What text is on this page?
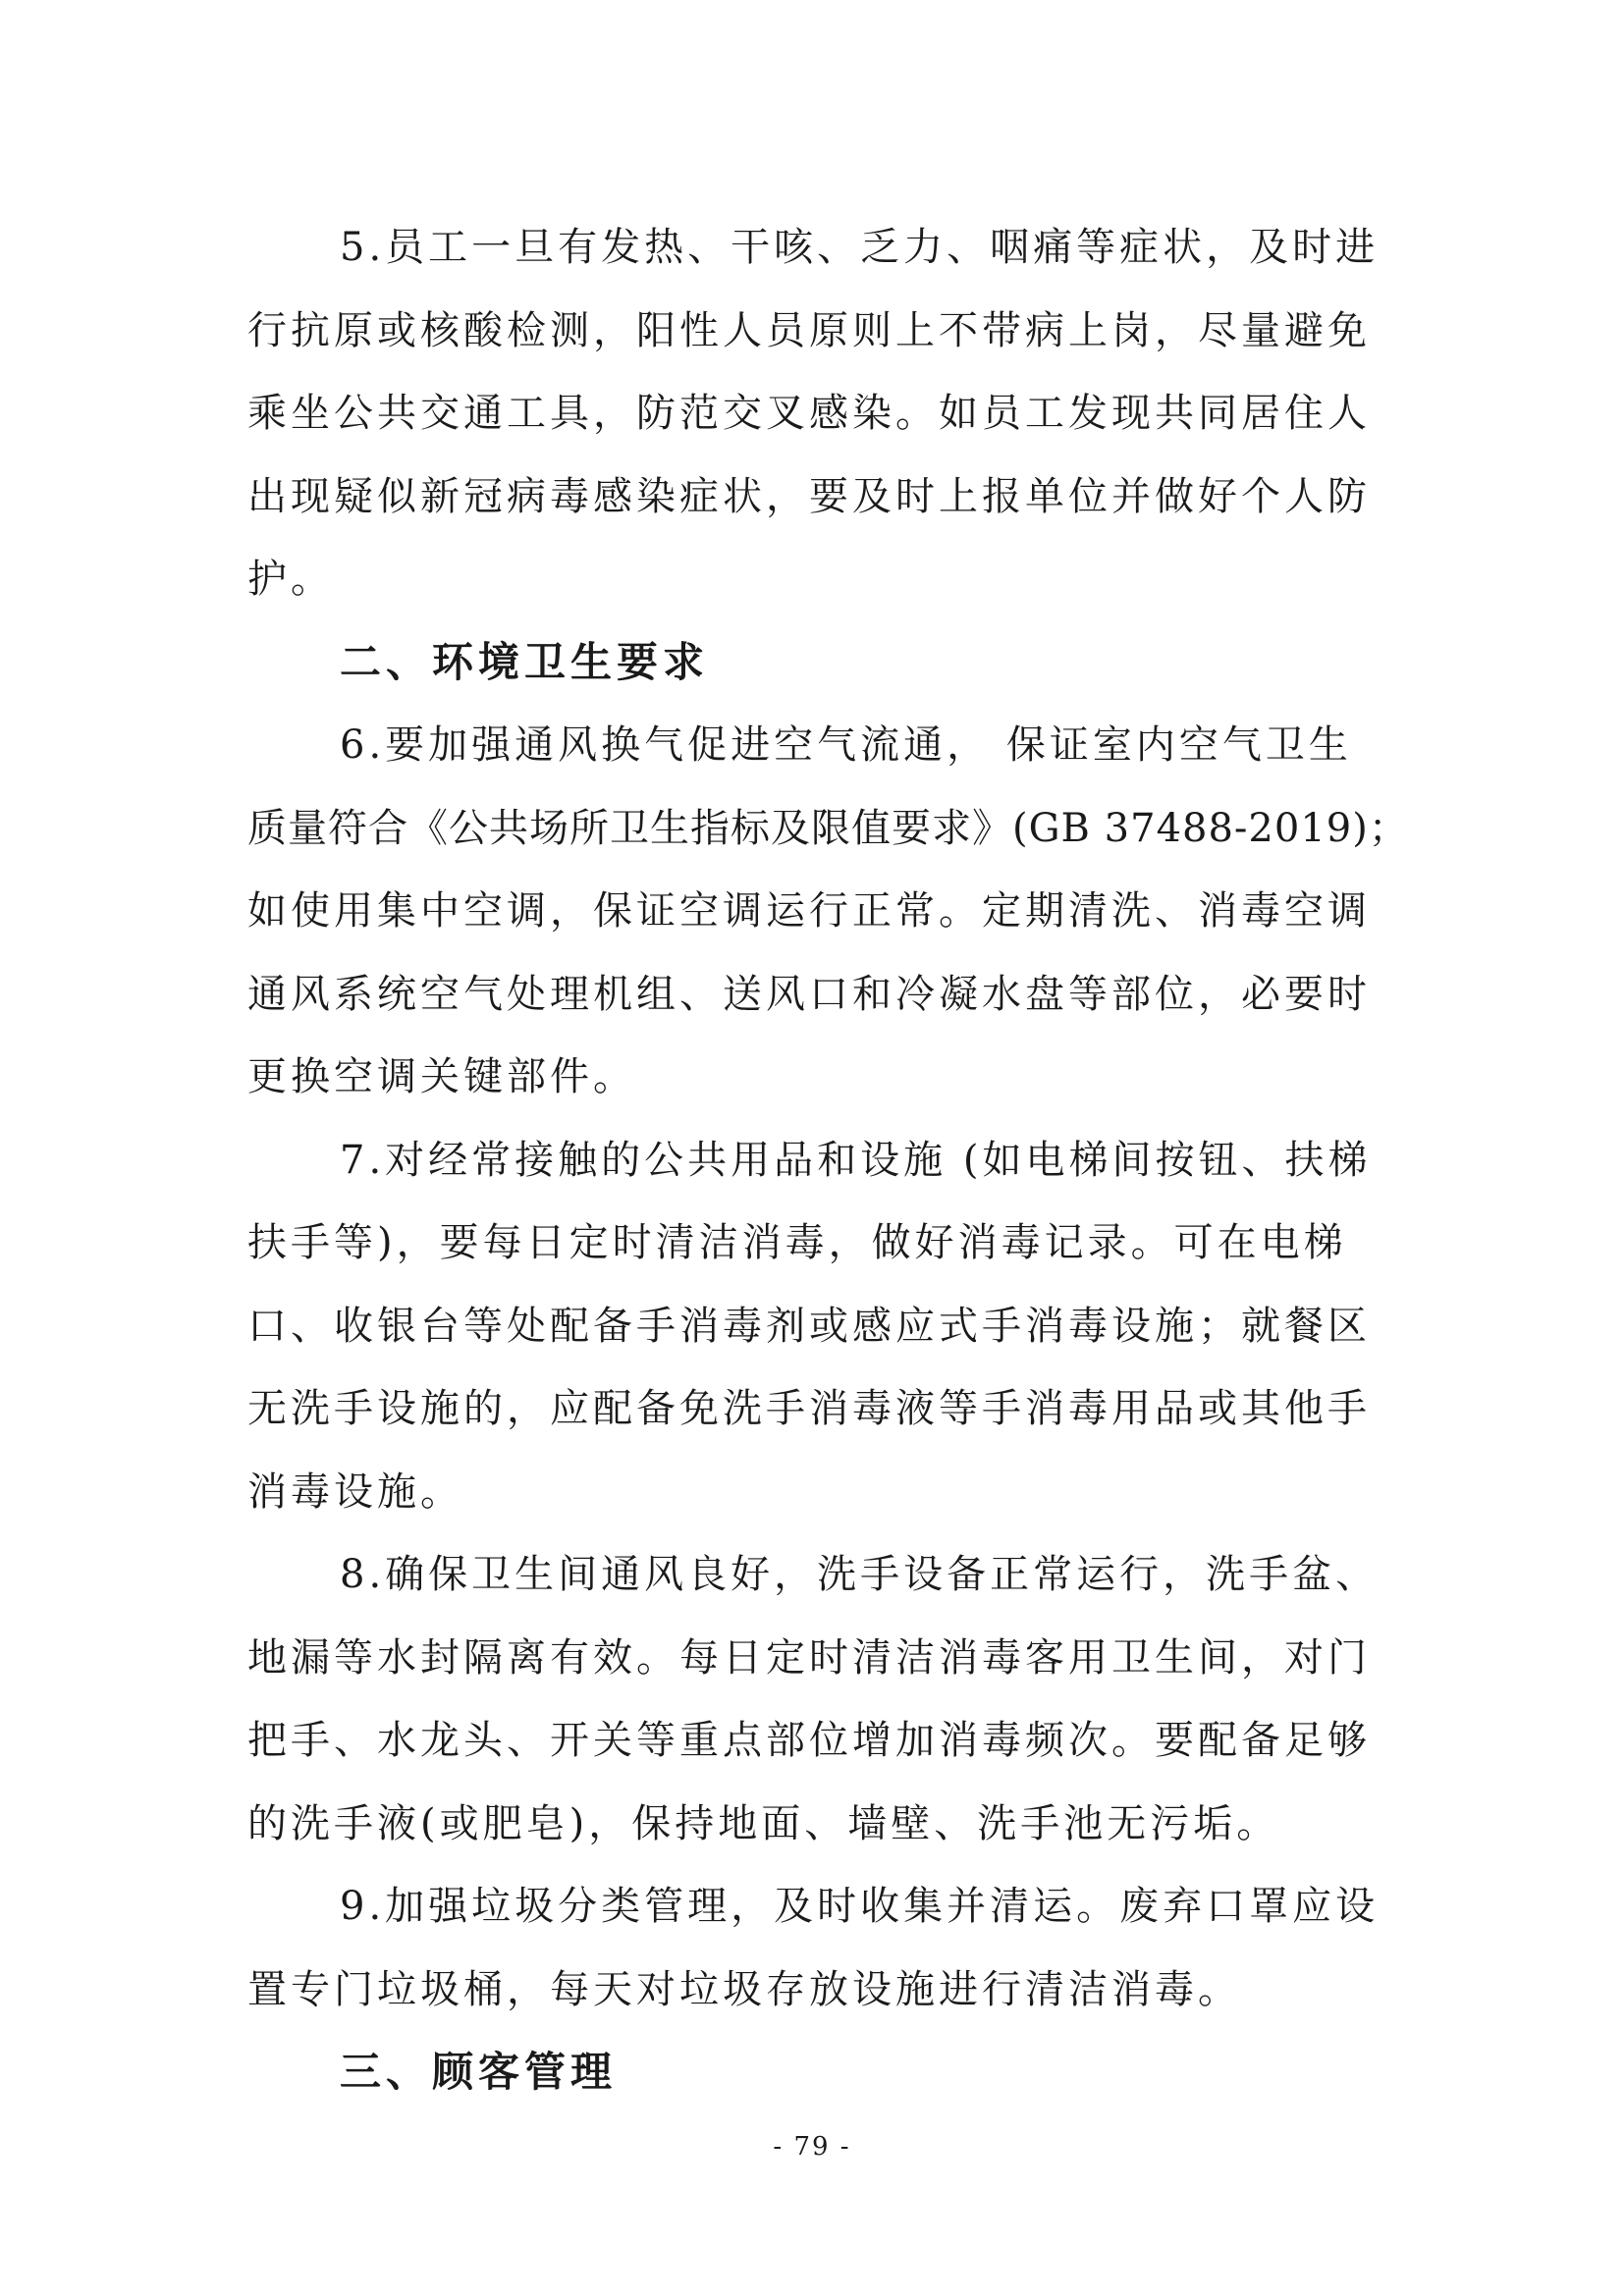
5.员工一旦有发热、干咳、乏力、咽痛等症状，及时进
行抗原或核酸检测，阳性人员原则上不带病上岗，尽量避免
乘坐公共交通工具，防范交叉感染。如员工发现共同居住人
出现疑似新冠病毒感染症状，要及时上报单位并做好个人防
护。
二、环境卫生要求
6.要加强通风换气促进空气流通， 保证室内空气卫生
质量符合《公共场所卫生指标及限值要求》(GB 37488-2019)；
如使用集中空调，保证空调运行正常。定期清洗、消毒空调
通风系统空气处理机组、送风口和冷凝水盘等部位，必要时
更换空调关键部件。
7.对经常接触的公共用品和设施 (如电梯间按钮、扶梯
扶手等)，要每日定时清洁消毒，做好消毒记录。可在电梯
口、收银台等处配备手消毒剂或感应式手消毒设施；就餐区
无洗手设施的，应配备免洗手消毒液等手消毒用品或其他手
消毒设施。
8.确保卫生间通风良好，洗手设备正常运行，洗手盆、
地漏等水封隔离有效。每日定时清洁消毒客用卫生间，对门
把手、水龙头、开关等重点部位增加消毒频次。要配备足够
的洗手液(或肥皂)，保持地面、墙壁、洗手池无污垢。
9.加强垃圾分类管理，及时收集并清运。废弃口罩应设
置专门垃圾桶，每天对垃圾存放设施进行清洁消毒。
三、顾客管理
- 79 -
